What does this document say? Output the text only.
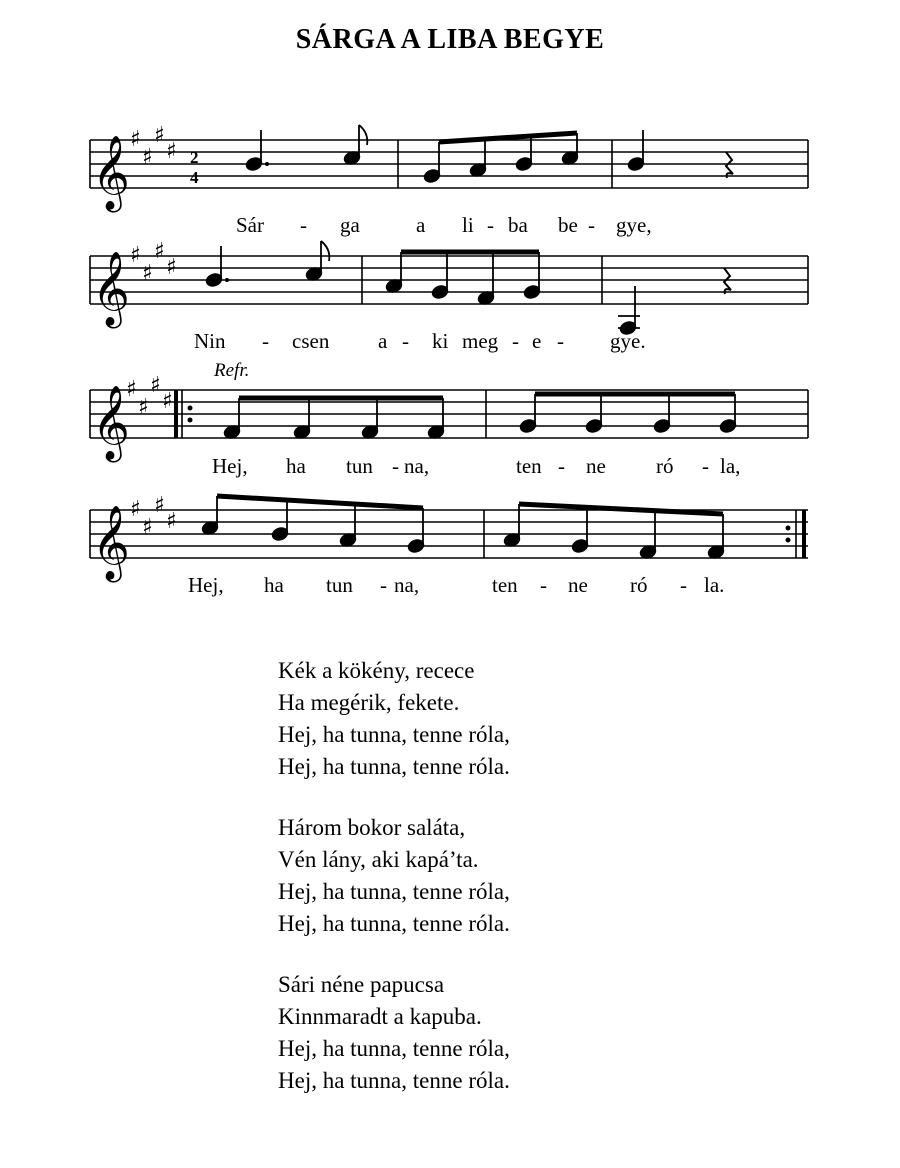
SÁRGA A LIBA BEGYE
𝄞 ♯
♯
♯
♯ 2
4
Sár - ga	a li - ba be - gye,
𝄞 ♯
♯
♯
♯
Nin - csen a - ki meg - e - gye.
Refr.
𝄞
♯
♯
♯
♯
Hej, ha tun - na,	ten - ne ró - la,
𝄞 ♯
♯
♯
♯
Hej, ha tun - na,	ten - ne ró - la.
Kék a kökény, recece
Ha megérik, fekete.
Hej, ha tunna, tenne róla,
Hej, ha tunna, tenne róla.
Három bokor saláta,
Vén lány, aki kapá’ta.
Hej, ha tunna, tenne róla,
Hej, ha tunna, tenne róla.
Sári néne papucsa
Kinnmaradt a kapuba.
Hej, ha tunna, tenne róla,
Hej, ha tunna, tenne róla.
